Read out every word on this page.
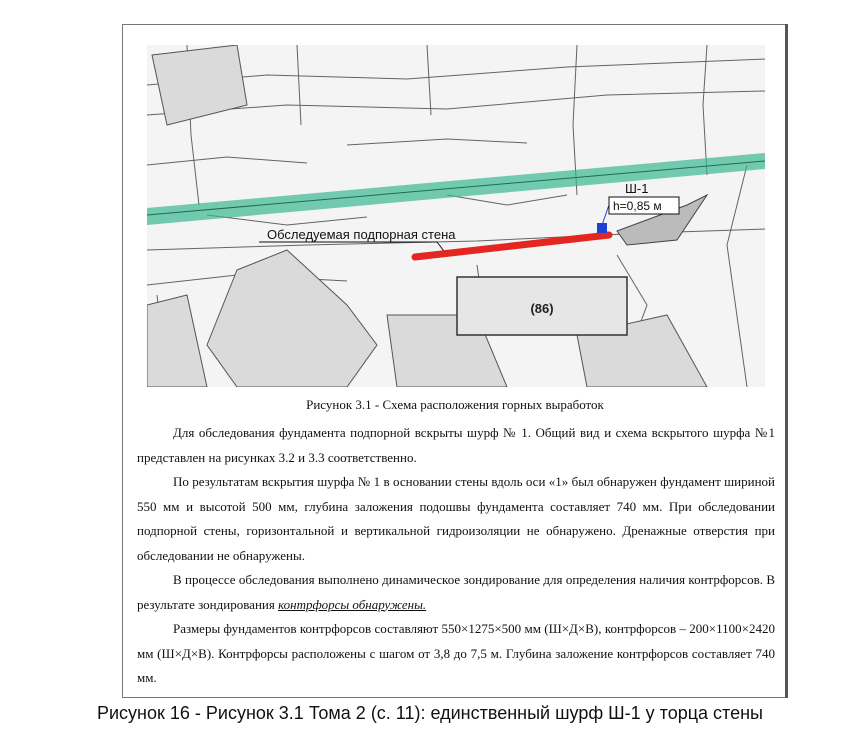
(86)
Обследуемая подпорная стена
Ш-1
h=0,85 м
Рисунок 3.1 - Схема расположения горных выработок

Для обследования фундамента подпорной вскрыты шурф № 1. Общий вид и схема вскрытого шурфа №1 представлен на рисунках 3.2 и 3.3 соответственно.

По результатам вскрытия шурфа № 1 в основании стены вдоль оси «1» был обнаружен фундамент шириной 550 мм и высотой 500 мм, глубина заложения подошвы фундамента составляет 740 мм. При обследовании подпорной стены, горизонтальной и вертикальной гидроизоляции не обнаружено. Дренажные отверстия при обследовании не обнаружены.

В процессе обследования выполнено динамическое зондирование для определения наличия контрфорсов. В результате зондирования контрфорсы обнаружены.

Размеры фундаментов контрфорсов составляют 550×1275×500 мм (Ш×Д×В), контрфорсов – 200×1100×2420 мм (Ш×Д×В). Контрфорсы расположены с шагом от 3,8 до 7,5 м. Глубина заложение контрфорсов составляет 740 мм.

Рисунок 16 - Рисунок 3.1 Тома 2 (с. 11): единственный шурф Ш-1 у торца стены
